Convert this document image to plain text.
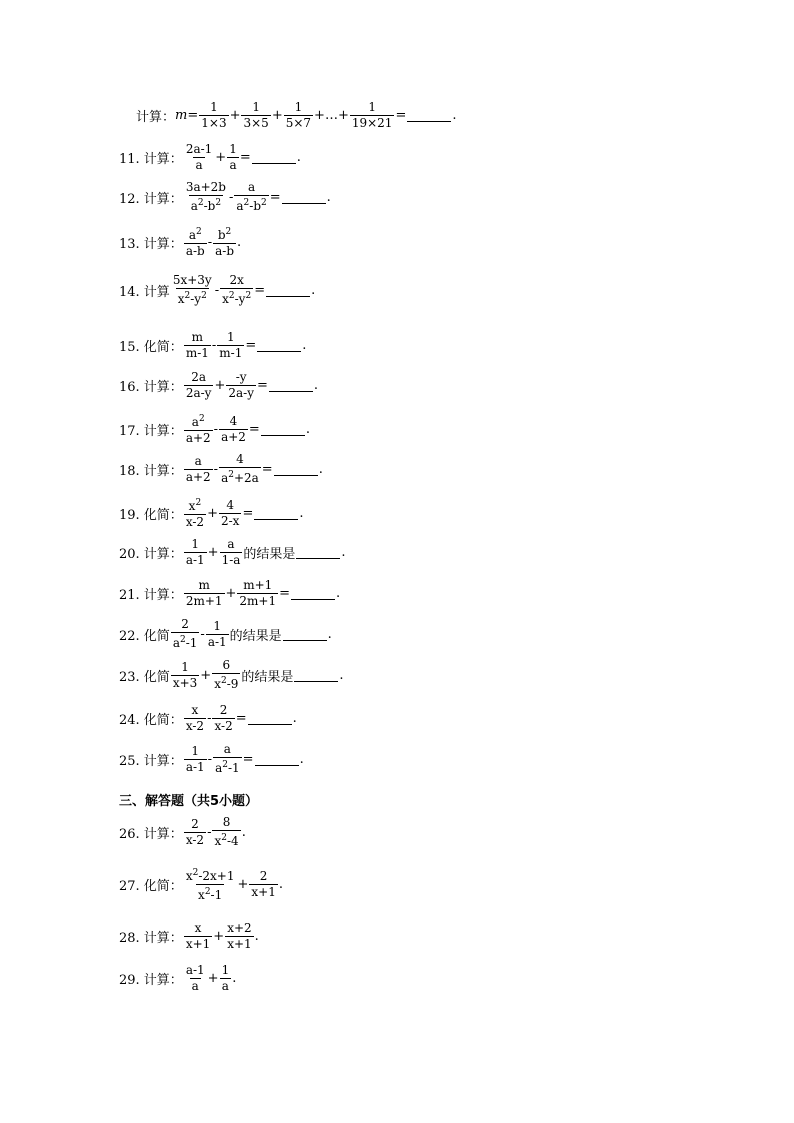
计算： $m = \frac{1}{1\times 3} + \frac{1}{3\times 5} + \frac{1}{5\times 7}$ +…+ $\frac{1}{19\times 21}$ =	.
11. 计算： $\frac{2a-1}{a} + \frac{1}{a}$ =	.
12. 计算： $\frac{3a+2b}{a^2-b^2} - \frac{a}{a^2-b^2}$ =	.
13. 计算： $\frac{a^2}{a-b} - \frac{b^2}{a-b}$ .
14. 计算 $\frac{5x+3y}{x^2-y^2} - \frac{2x}{x^2-y^2}$ =	.
15. 化简： $\frac{m}{m-1} - \frac{1}{m-1}$ =	.
16. 计算： $\frac{2a}{2a-y} + \frac{-y}{2a-y}$ =	.
17. 计算： $\frac{a^2}{a+2} - \frac{4}{a+2}$ =	.
18. 计算： $\frac{a}{a+2} - \frac{4}{a^2+2a}$ =	.
19. 化简： $\frac{x^2}{x-2} + \frac{4}{2-x}$ =	.
20. 计算： $\frac{1}{a-1} + \frac{a}{1-a}$ 的结果是	.
21. 计算： $\frac{m}{2m+1} + \frac{m+1}{2m+1}$ =	.
22. 化简 $\frac{2}{a^2-1} - \frac{1}{a-1}$ 的结果是	.
23. 化简 $\frac{1}{x+3} + \frac{6}{x^2-9}$ 的结果是	.
24. 化简： $\frac{x}{x-2} - \frac{2}{x-2}$ =	.
25. 计算： $\frac{1}{a-1} - \frac{a}{a^2-1}$ =	.
三、解答题（共5小题）
26. 计算： $\frac{2}{x-2} - \frac{8}{x^2-4}$ .
27. 化简： $\frac{x^2-2x+1}{x^2-1} + \frac{2}{x+1}$ .
28. 计算： $\frac{x}{x+1} + \frac{x+2}{x+1}$ .
29. 计算： $\frac{a-1}{a} + \frac{1}{a}$ .
